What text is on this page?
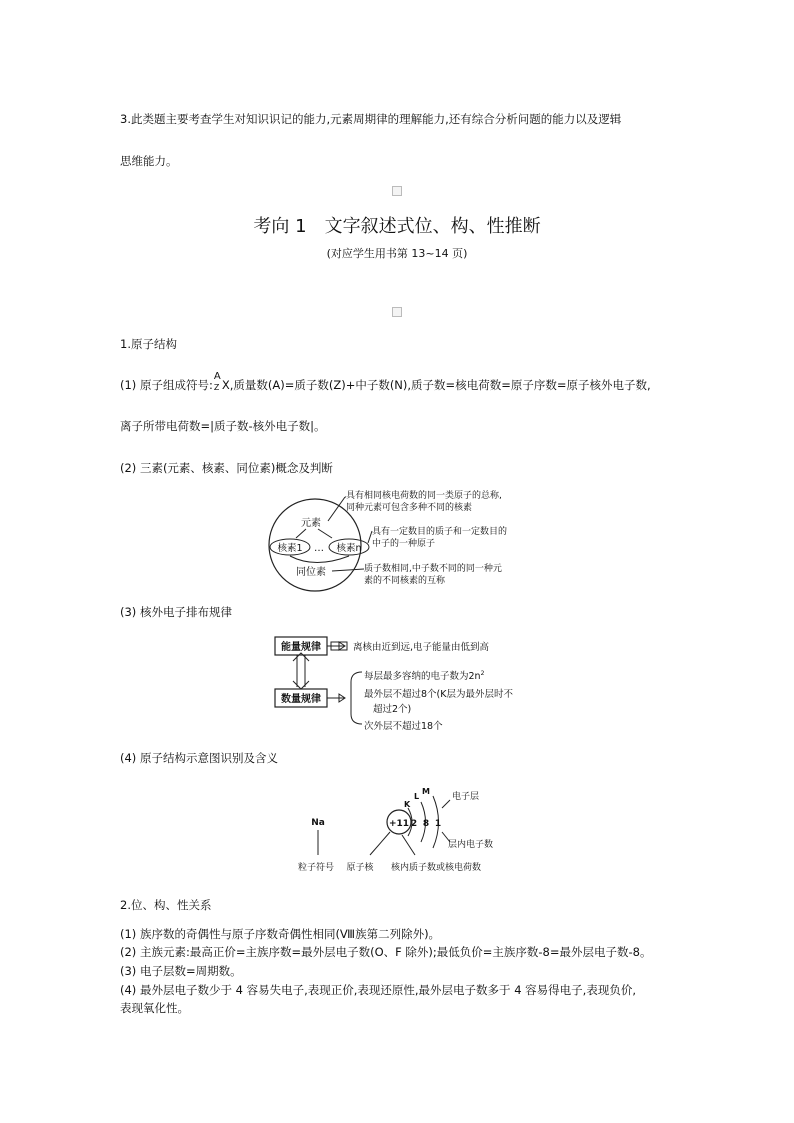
3.此类题主要考查学生对知识识记的能力,元素周期律的理解能力,还有综合分析问题的能力以及逻辑
思维能力。
考向 1　文字叙述式位、构、性推断
(对应学生用书第 13~14 页)
1.原子结构
(1) 原子组成符号:
A
Z X,质量数(A)=质子数(Z)+中子数(N),质子数=核电荷数=原子序数=原子核外电子数,
离子所带电荷数=|质子数-核外电子数|。
(2) 三素(元素、核素、同位素)概念及判断
元素
核素1 … 核素n
同位素
具有相同核电荷数的同一类原子的总称,
同种元素可包含多种不同的核素
具有一定数目的质子和一定数目的
中子的一种原子
质子数相同,中子数不同的同一种元
素的不同核素的互称
(3) 核外电子排布规律
能量规律	离核由近到远,电子能量由低到高
数量规律
每层最多容纳的电子数为$2n^2$
最外层不超过8个(K层为最外层时不
超过2个)
次外层不超过18个
(4) 原子结构示意图识别及含义
Na	+11 2 8 1
K
L
M
电子层
层内电子数
粒子符号 原子核 核内质子数或核电荷数
2.位、构、性关系
(1) 族序数的奇偶性与原子序数奇偶性相同(Ⅷ族第二列除外)。
(2) 主族元素:最高正价=主族序数=最外层电子数(O、F 除外);最低负价=主族序数-8=最外层电子数-8。
(3) 电子层数=周期数。
(4) 最外层电子数少于 4 容易失电子,表现正价,表现还原性,最外层电子数多于 4 容易得电子,表现负价,
表现氧化性。
